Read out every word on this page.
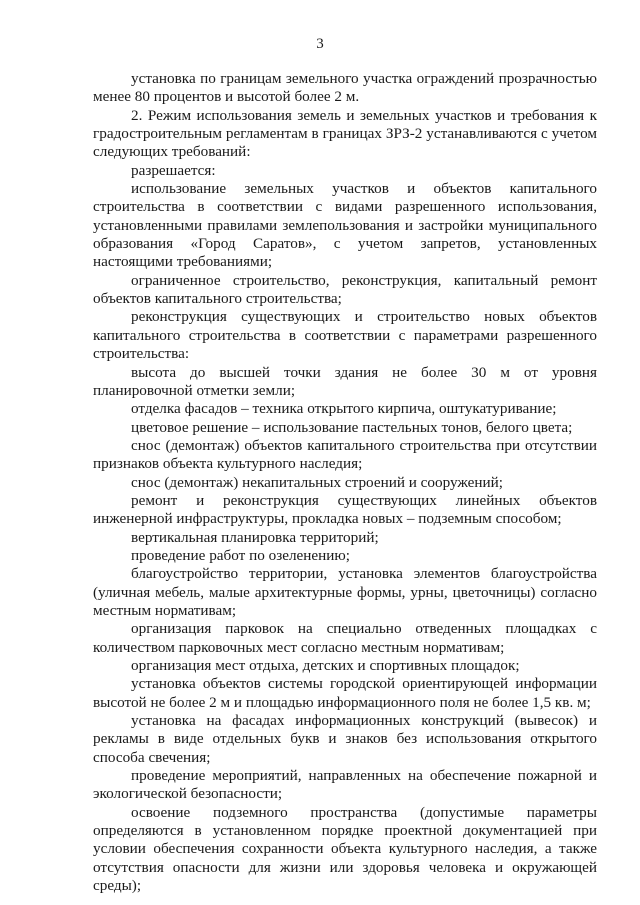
3

установка по границам земельного участка ограждений прозрачностью менее 80 процентов и высотой более 2 м.

2. Режим использования земель и земельных участков и требования к градостроительным регламентам в границах ЗРЗ-2 устанавливаются с учетом следующих требований:

разрешается:

использование земельных участков и объектов капитального строительства в соответствии с видами разрешенного использования, установленными правилами землепользования и застройки муниципального образования «Город Саратов», с учетом запретов, установленных настоящими требованиями;

ограниченное строительство, реконструкция, капитальный ремонт объектов капитального строительства;

реконструкция существующих и строительство новых объектов капитального строительства в соответствии с параметрами разрешенного строительства:

высота до высшей точки здания не более 30 м от уровня планировочной отметки земли;

отделка фасадов – техника открытого кирпича, оштукатуривание;

цветовое решение – использование пастельных тонов, белого цвета;

снос (демонтаж) объектов капитального строительства при отсутствии признаков объекта культурного наследия;

снос (демонтаж) некапитальных строений и сооружений;

ремонт и реконструкция существующих линейных объектов инженерной инфраструктуры, прокладка новых – подземным способом;

вертикальная планировка территорий;

проведение работ по озеленению;

благоустройство территории, установка элементов благоустройства (уличная мебель, малые архитектурные формы, урны, цветочницы) согласно местным нормативам;

организация парковок на специально отведенных площадках с количеством парковочных мест согласно местным нормативам;

организация мест отдыха, детских и спортивных площадок;

установка объектов системы городской ориентирующей информации высотой не более 2 м и площадью информационного поля не более 1,5 кв. м;

установка на фасадах информационных конструкций (вывесок) и рекламы в виде отдельных букв и знаков без использования открытого способа свечения;

проведение мероприятий, направленных на обеспечение пожарной и экологической безопасности;

освоение подземного пространства (допустимые параметры определяются в установленном порядке проектной документацией при условии обеспечения сохранности объекта культурного наследия, а также отсутствия опасности для жизни или здоровья человека и окружающей среды);
